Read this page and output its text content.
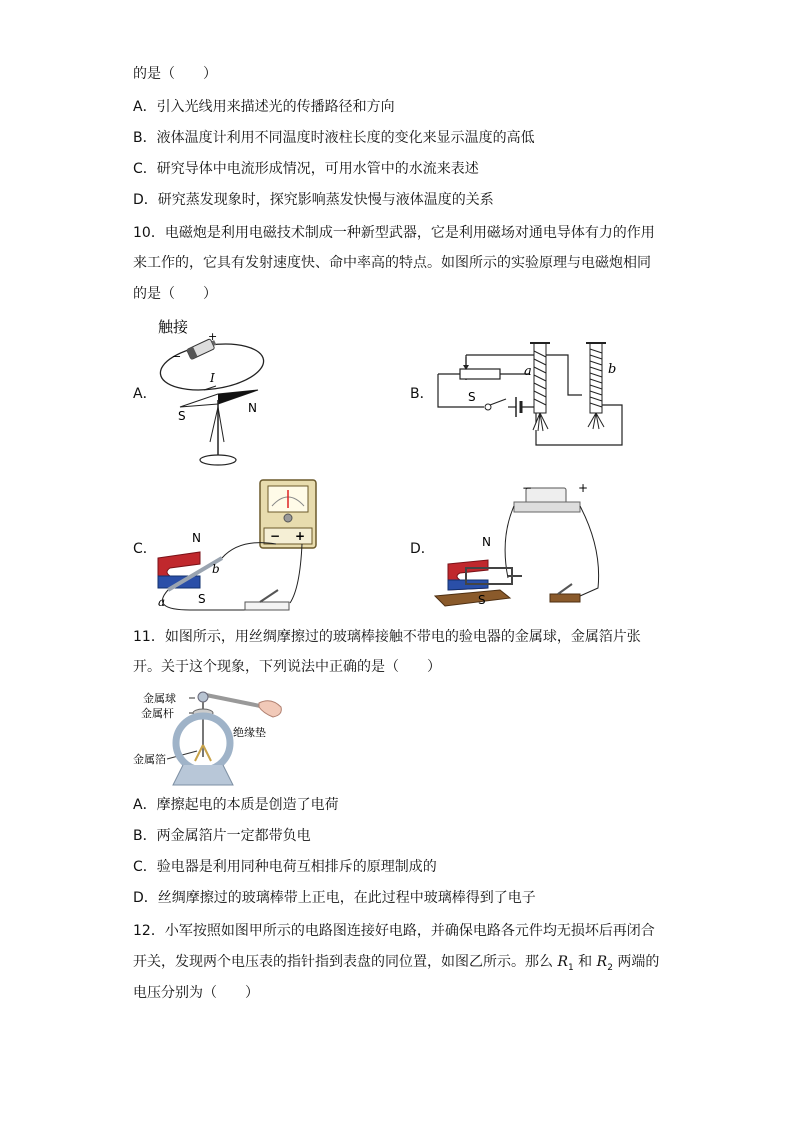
的是（　　）
A．引入光线用来描述光的传播路径和方向
B．液体温度计利用不同温度时液柱长度的变化来显示温度的高低
C．研究导体中电流形成情况，可用水管中的水流来表述
D．研究蒸发现象时，探究影响蒸发快慢与液体温度的关系
10．电磁炮是利用电磁技术制成一种新型武器，它是利用磁场对通电导体有力的作用
来工作的，它具有发射速度快、命中率高的特点。如图所示的实验原理与电磁炮相同
的是（　　）
A．	B．
C．	D．
触接
+
−
I
S
N
S
a	b
− +
N
S
b
a
−	+
N
S
11．如图所示，用丝绸摩擦过的玻璃棒接触不带电的验电器的金属球，金属箔片张
开。关于这个现象，下列说法中正确的是（　　）
金属球
金属杆
绝缘垫
金属箔
A．摩擦起电的本质是创造了电荷
B．两金属箔片一定都带负电
C．验电器是利用同种电荷互相排斥的原理制成的
D．丝绸摩擦过的玻璃棒带上正电，在此过程中玻璃棒得到了电子
12．小军按照如图甲所示的电路图连接好电路，并确保电路各元件均无损坏后再闭合
开关，发现两个电压表的指针指到表盘的同位置，如图乙所示。那么 $R_1$ 和 $R_2$ 两端的
电压分别为（　　）
